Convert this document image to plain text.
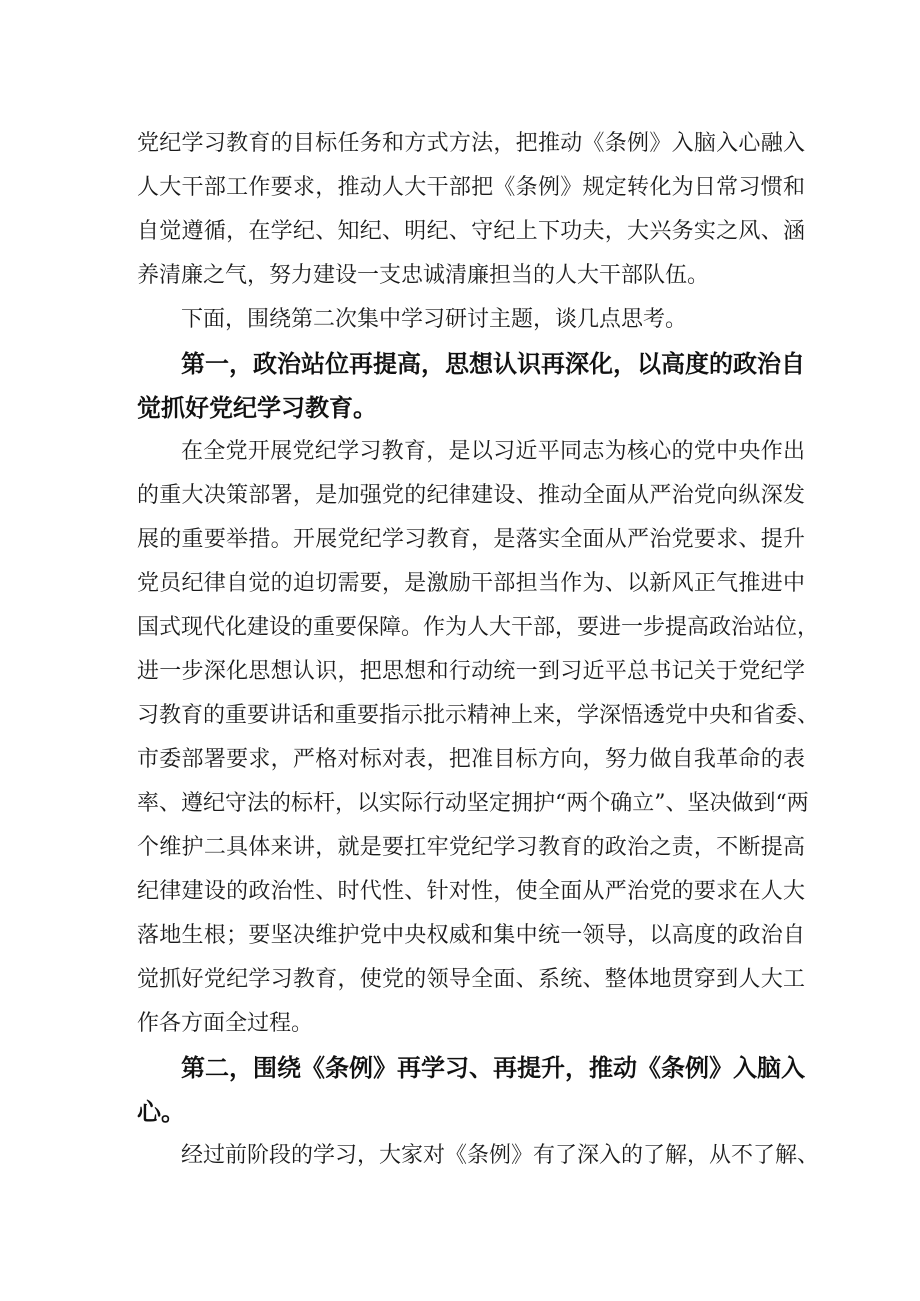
党纪学习教育的目标任务和方式方法，把推动《条例》入脑入心融入
人大干部工作要求，推动人大干部把《条例》规定转化为日常习惯和
自觉遵循，在学纪、知纪、明纪、守纪上下功夫，大兴务实之风、涵
养清廉之气，努力建设一支忠诚清廉担当的人大干部队伍。
下面，围绕第二次集中学习研讨主题，谈几点思考。
第一，政治站位再提高，思想认识再深化，以高度的政治自
觉抓好党纪学习教育。
在全党开展党纪学习教育，是以习近平同志为核心的党中央作出
的重大决策部署，是加强党的纪律建设、推动全面从严治党向纵深发
展的重要举措。开展党纪学习教育，是落实全面从严治党要求、提升
党员纪律自觉的迫切需要，是激励干部担当作为、以新风正气推进中
国式现代化建设的重要保障。作为人大干部，要进一步提高政治站位，
进一步深化思想认识，把思想和行动统一到习近平总书记关于党纪学
习教育的重要讲话和重要指示批示精神上来，学深悟透党中央和省委、
市委部署要求，严格对标对表，把准目标方向，努力做自我革命的表
率、遵纪守法的标杆，以实际行动坚定拥护“两个确立”、坚决做到“两
个维护二具体来讲，就是要扛牢党纪学习教育的政治之责，不断提高
纪律建设的政治性、时代性、针对性，使全面从严治党的要求在人大
落地生根；要坚决维护党中央权威和集中统一领导，以高度的政治自
觉抓好党纪学习教育，使党的领导全面、系统、整体地贯穿到人大工
作各方面全过程。
第二，围绕《条例》再学习、再提升，推动《条例》入脑入
心。
经过前阶段的学习，大家对《条例》有了深入的了解，从不了解、
